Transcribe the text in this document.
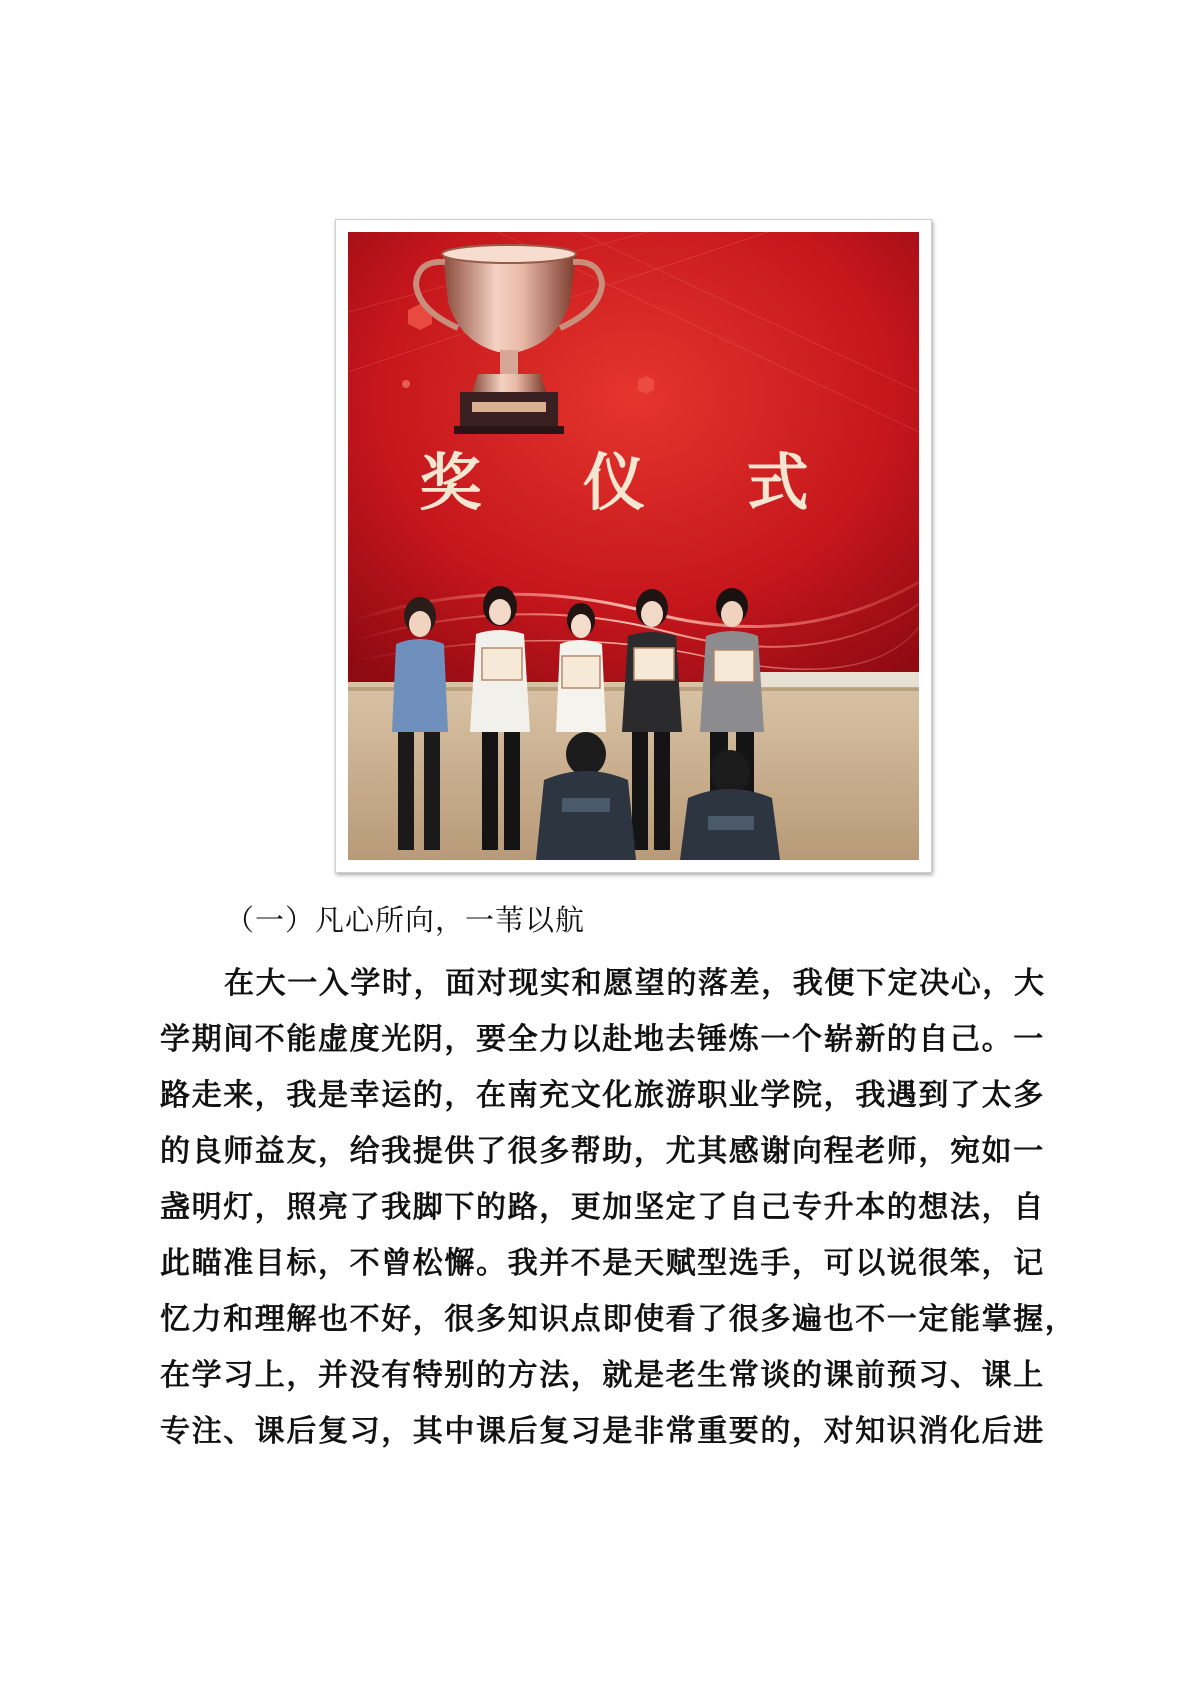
奖 仪 式
（一）凡心所向，一苇以航
在大一入学时，面对现实和愿望的落差，我便下定决心，大
学期间不能虚度光阴，要全力以赴地去锤炼一个崭新的自己。一
路走来，我是幸运的，在南充文化旅游职业学院，我遇到了太多
的良师益友，给我提供了很多帮助，尤其感谢向程老师，宛如一
盏明灯，照亮了我脚下的路，更加坚定了自己专升本的想法，自
此瞄准目标，不曾松懈。我并不是天赋型选手，可以说很笨，记
忆力和理解也不好，很多知识点即使看了很多遍也不一定能掌握，
在学习上，并没有特别的方法，就是老生常谈的课前预习、课上
专注、课后复习，其中课后复习是非常重要的，对知识消化后进
